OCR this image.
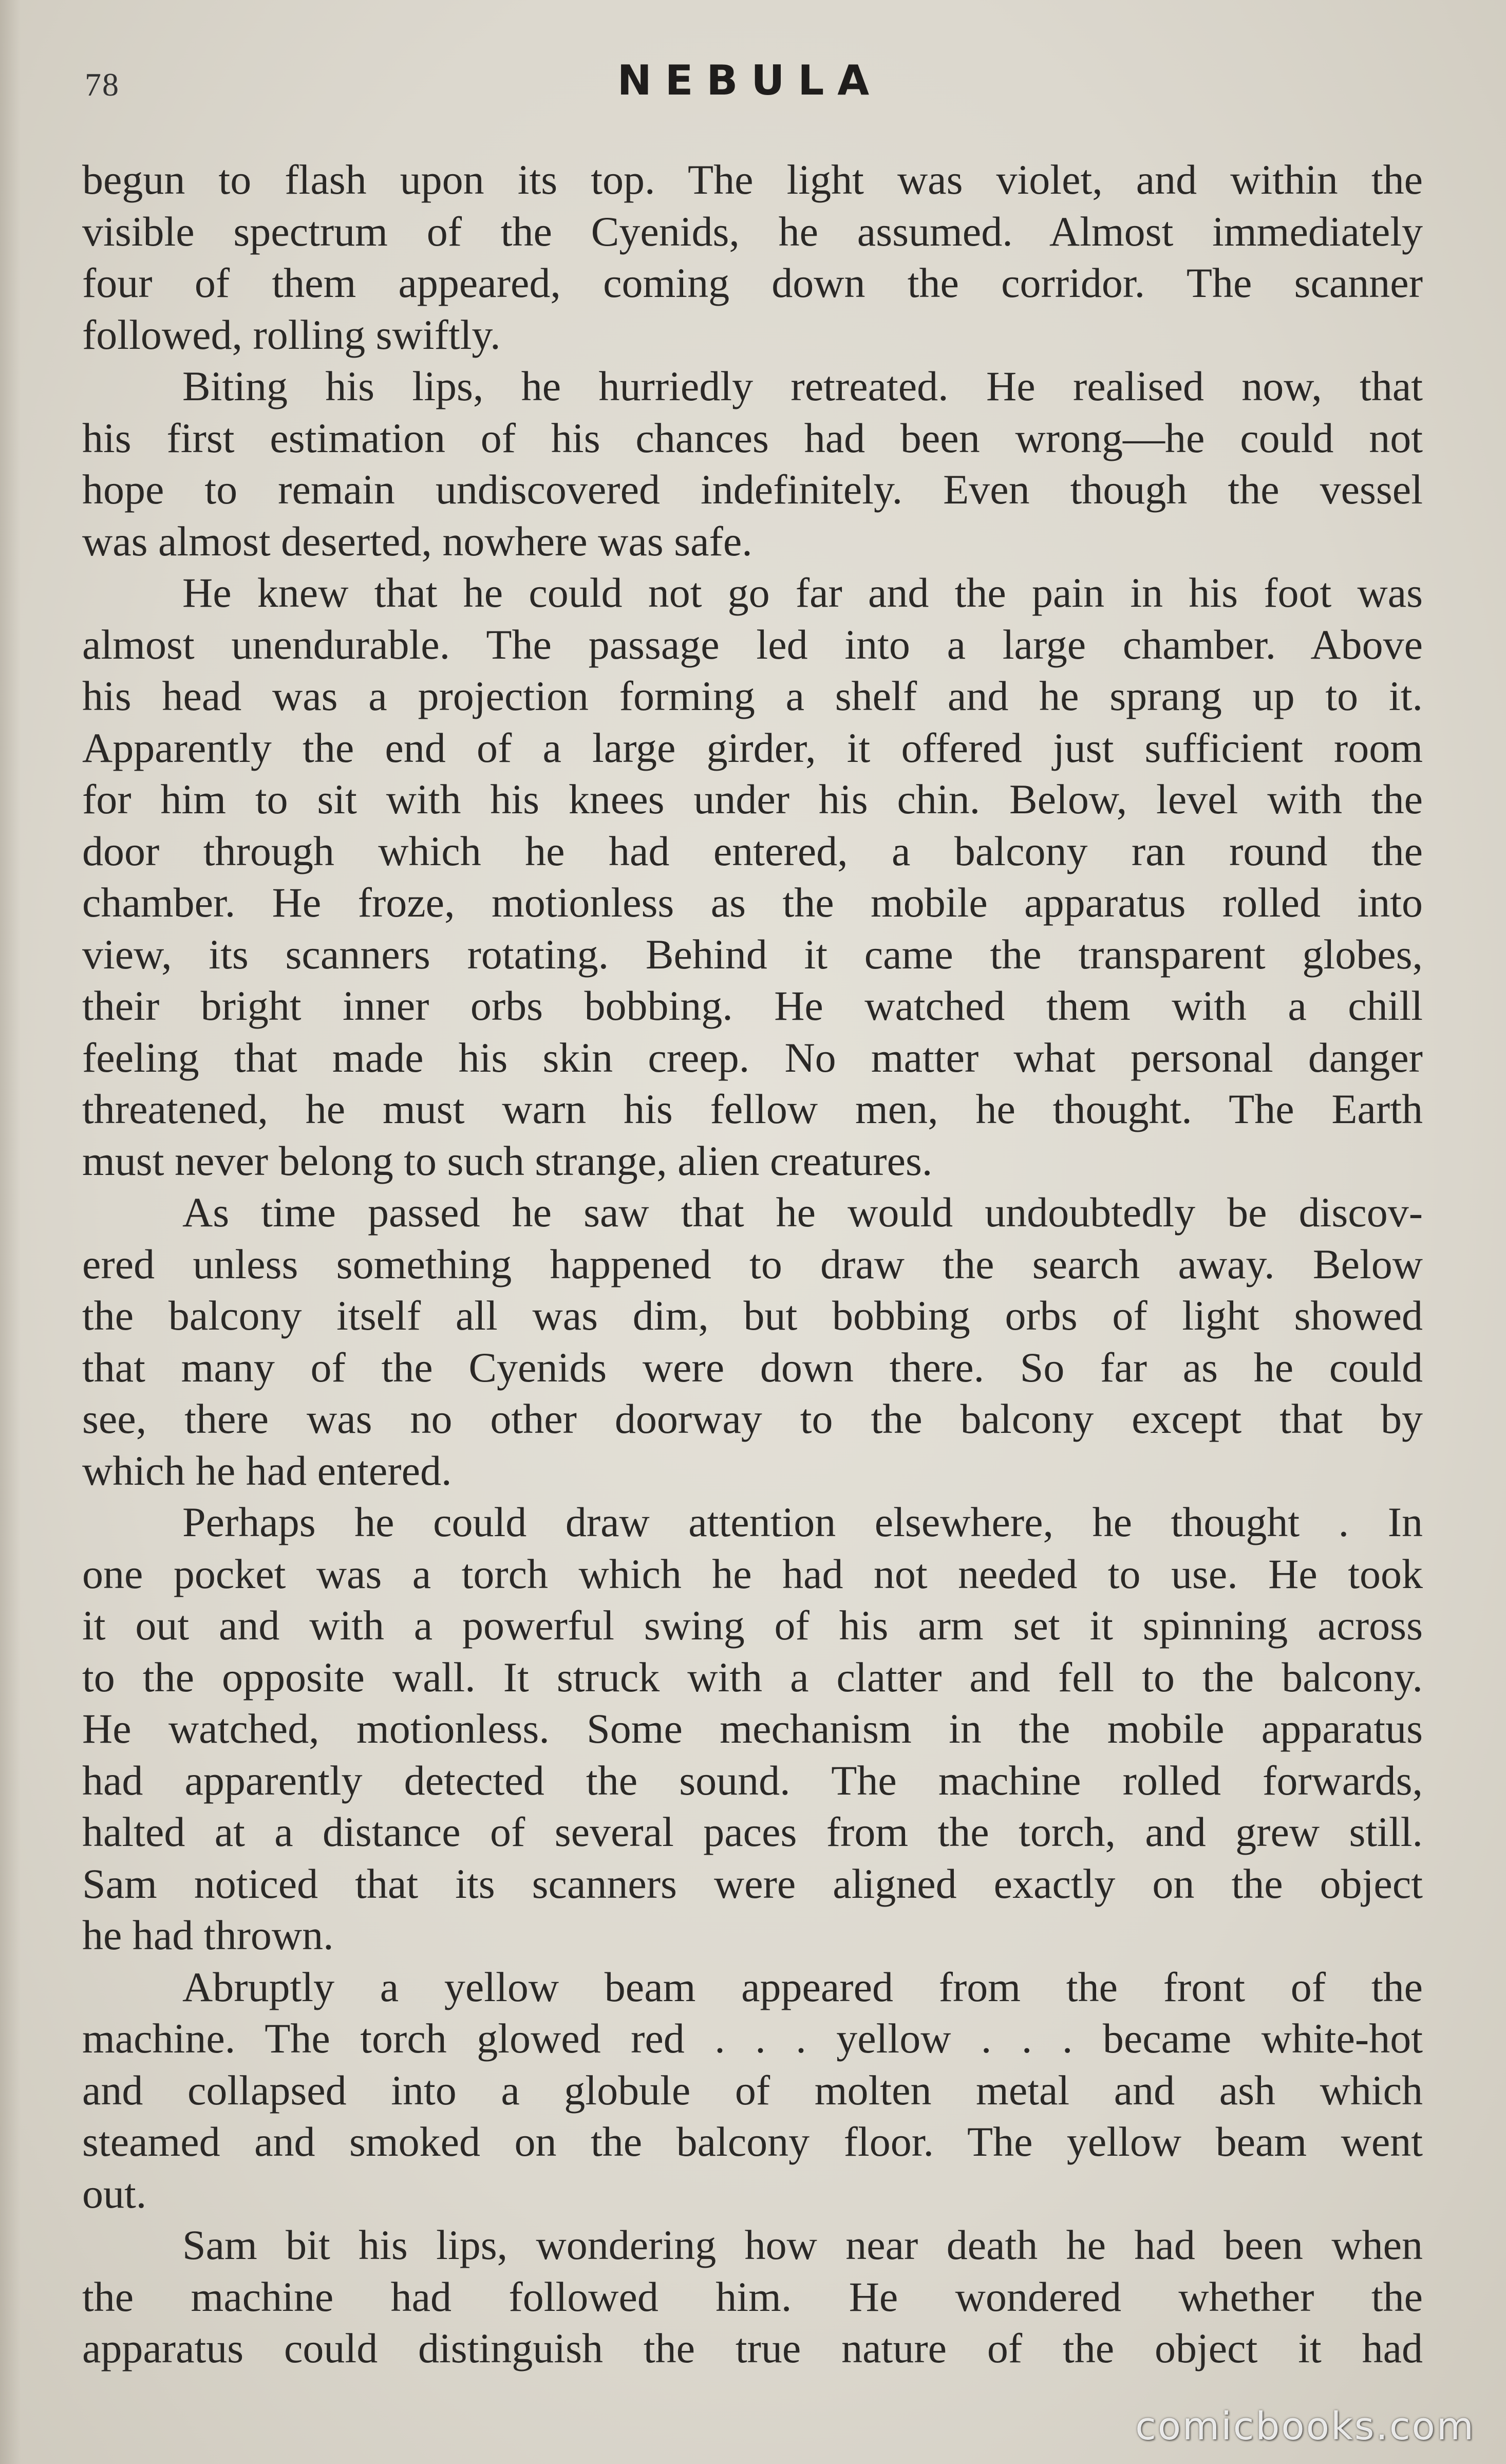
78	NEBULA
begun to flash upon its top. The light was violet, and within the
visible spectrum of the Cyenids, he assumed. Almost immediately
four of them appeared, coming down the corridor. The scanner
followed, rolling swiftly.
Biting his lips, he hurriedly retreated. He realised now, that
his first estimation of his chances had been wrong—he could not
hope to remain undiscovered indefinitely. Even though the vessel
was almost deserted, nowhere was safe.
He knew that he could not go far and the pain in his foot was
almost unendurable. The passage led into a large chamber. Above
his head was a projection forming a shelf and he sprang up to it.
Apparently the end of a large girder, it offered just sufficient room
for him to sit with his knees under his chin. Below, level with the
door through which he had entered, a balcony ran round the
chamber. He froze, motionless as the mobile apparatus rolled into
view, its scanners rotating. Behind it came the transparent globes,
their bright inner orbs bobbing. He watched them with a chill
feeling that made his skin creep. No matter what personal danger
threatened, he must warn his fellow men, he thought. The Earth
must never belong to such strange, alien creatures.
As time passed he saw that he would undoubtedly be discov-
ered unless something happened to draw the search away. Below
the balcony itself all was dim, but bobbing orbs of light showed
that many of the Cyenids were down there. So far as he could
see, there was no other doorway to the balcony except that by
which he had entered.
Perhaps he could draw attention elsewhere, he thought . In
one pocket was a torch which he had not needed to use. He took
it out and with a powerful swing of his arm set it spinning across
to the opposite wall. It struck with a clatter and fell to the balcony.
He watched, motionless. Some mechanism in the mobile apparatus
had apparently detected the sound. The machine rolled forwards,
halted at a distance of several paces from the torch, and grew still.
Sam noticed that its scanners were aligned exactly on the object
he had thrown.
Abruptly a yellow beam appeared from the front of the
machine. The torch glowed red . . . yellow . . . became white-hot
and collapsed into a globule of molten metal and ash which
steamed and smoked on the balcony floor. The yellow beam went
out.
Sam bit his lips, wondering how near death he had been when
the machine had followed him. He wondered whether the
apparatus could distinguish the true nature of the object it had
comicbooks.com
